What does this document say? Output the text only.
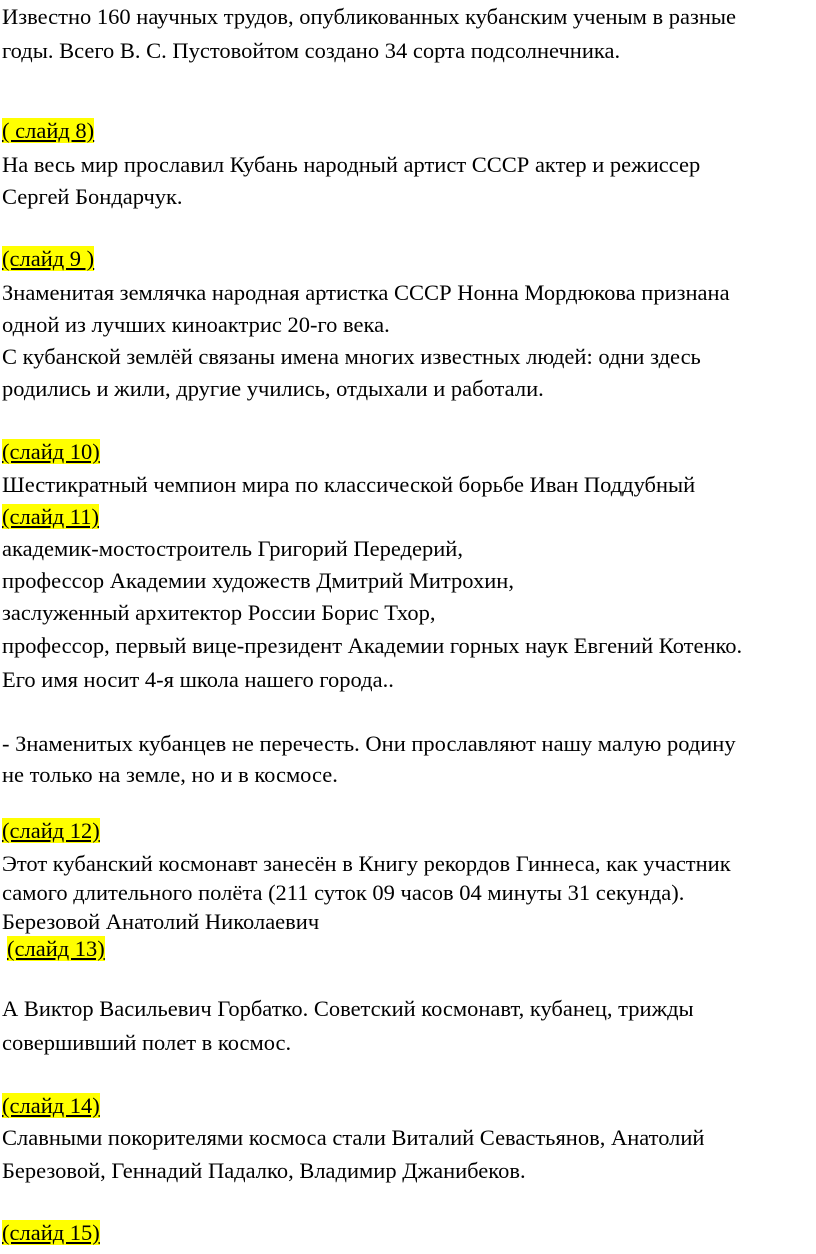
Известно 160 научных трудов, опубликованных кубанским ученым в разные
годы. Всего В. С. Пустовойтом создано 34 сорта подсолнечника.
( слайд 8)
На весь мир прославил Кубань народный артист СССР актер и режиссер
Сергей Бондарчук.
(слайд 9 )
Знаменитая землячка народная артистка СССР Нонна Мордюкова признана
одной из лучших киноактрис 20-го века.
С кубанской землёй связаны имена многих известных людей: одни здесь
родились и жили, другие учились, отдыхали и работали.
(слайд 10)
Шестикратный чемпион мира по классической борьбе Иван Поддубный
(слайд 11)
академик-мостостроитель Григорий Передерий,
профессор Академии художеств Дмитрий Митрохин,
заслуженный архитектор России Борис Тхор,
профессор, первый вице-президент Академии горных наук Евгений Котенко.
Его имя носит 4-я школа нашего города..
- Знаменитых кубанцев не перечесть. Они прославляют нашу малую родину
не только на земле, но и в космосе.
(слайд 12)
Этот кубанский космонавт занесён в Книгу рекордов Гиннеса, как участник
самого длительного полёта (211 суток 09 часов 04 минуты 31 секунда).
Березовой Анатолий Николаевич
(слайд 13)
А Виктор Васильевич Горбатко. Советский космонавт, кубанец, трижды
совершивший полет в космос.
(слайд 14)
Славными покорителями космоса стали Виталий Севастьянов, Анатолий
Березовой, Геннадий Падалко, Владимир Джанибеков.
(слайд 15)
